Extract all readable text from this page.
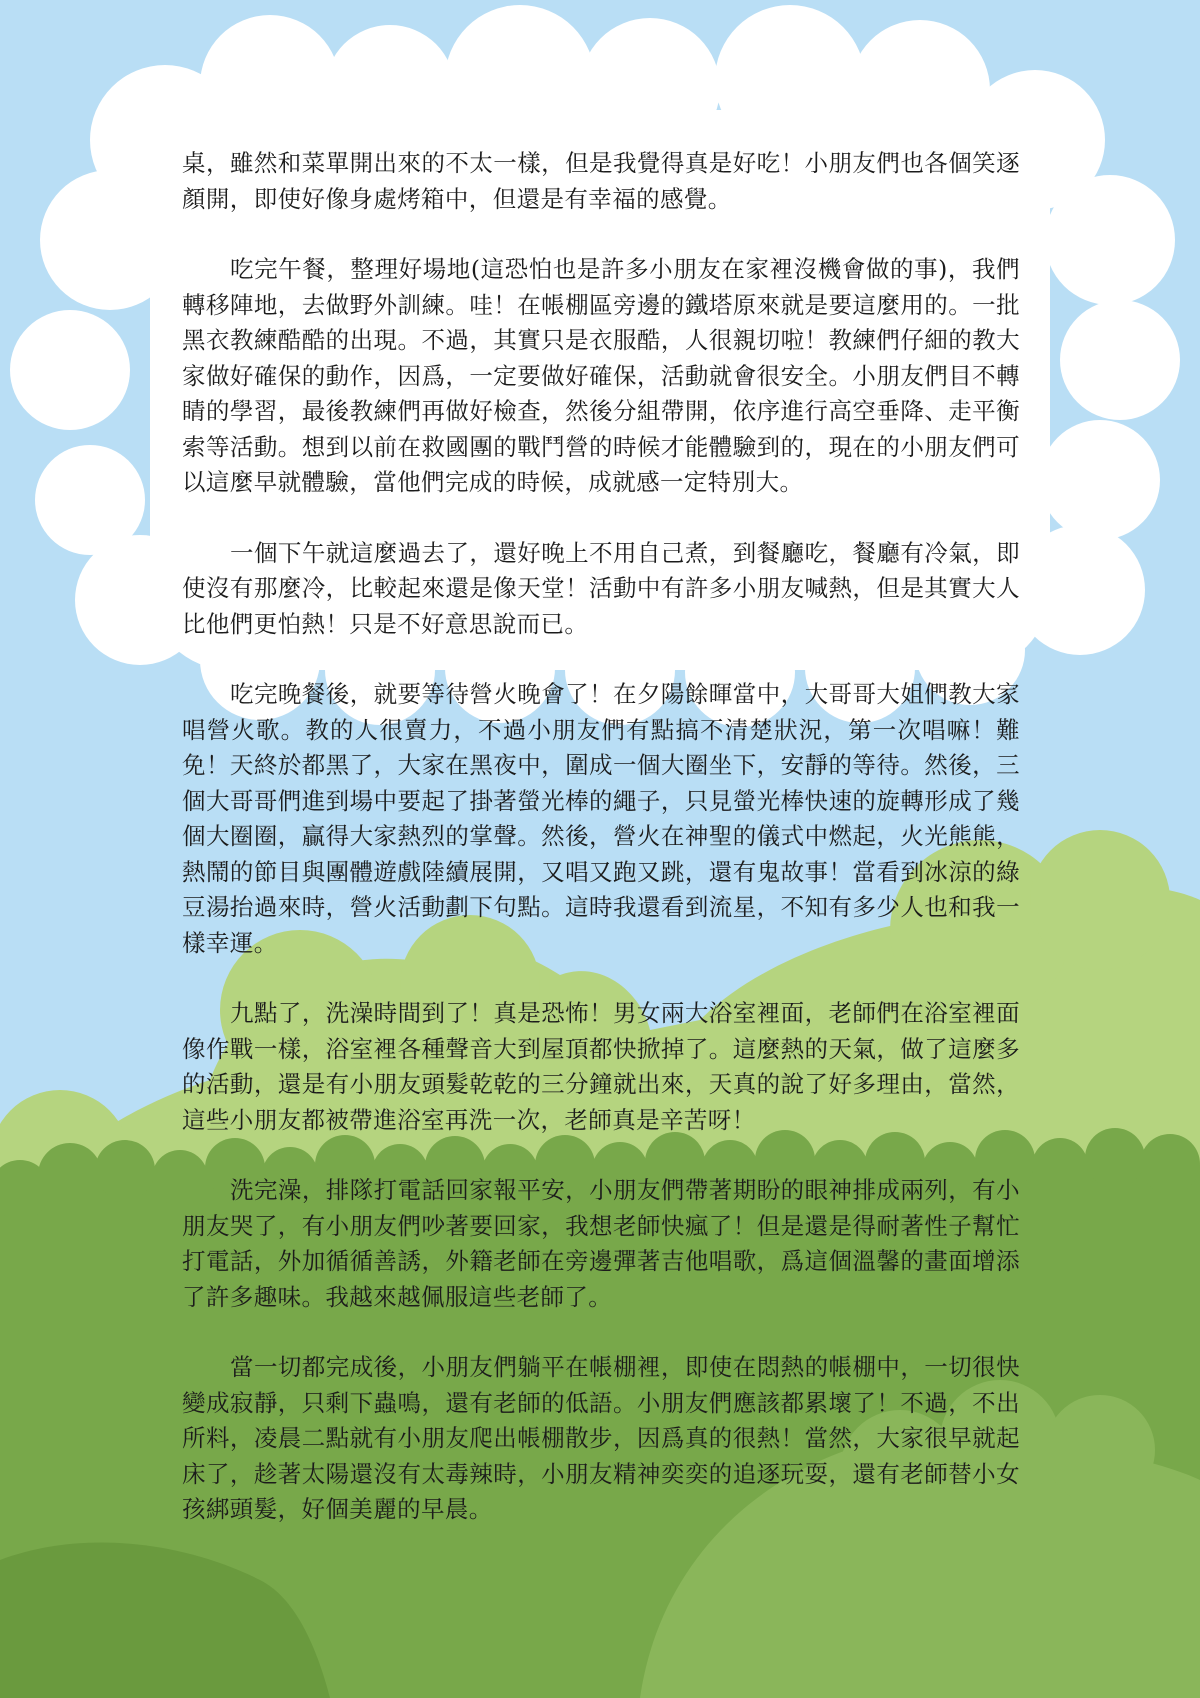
桌，雖然和菜單開出來的不太一樣，但是我覺得真是好吃！小朋友們也各個笑逐顏開，即使好像身處烤箱中，但還是有幸福的感覺。

吃完午餐，整理好場地(這恐怕也是許多小朋友在家裡沒機會做的事)，我們轉移陣地，去做野外訓練。哇！在帳棚區旁邊的鐵塔原來就是要這麼用的。一批黑衣教練酷酷的出現。不過，其實只是衣服酷，人很親切啦！教練們仔細的教大家做好確保的動作，因爲，一定要做好確保，活動就會很安全。小朋友們目不轉睛的學習，最後教練們再做好檢查，然後分組帶開，依序進行高空垂降、走平衡索等活動。想到以前在救國團的戰鬥營的時候才能體驗到的，現在的小朋友們可以這麼早就體驗，當他們完成的時候，成就感一定特別大。

一個下午就這麼過去了，還好晚上不用自己煮，到餐廳吃，餐廳有冷氣，即使沒有那麼冷，比較起來還是像天堂！活動中有許多小朋友喊熱，但是其實大人比他們更怕熱！只是不好意思說而已。

吃完晚餐後，就要等待營火晚會了！在夕陽餘暉當中，大哥哥大姐們教大家唱營火歌。教的人很賣力，不過小朋友們有點搞不清楚狀況，第一次唱嘛！難免！天終於都黑了，大家在黑夜中，圍成一個大圈坐下，安靜的等待。然後，三個大哥哥們進到場中要起了掛著螢光棒的繩子，只見螢光棒快速的旋轉形成了幾個大圈圈，贏得大家熱烈的掌聲。然後，營火在神聖的儀式中燃起，火光熊熊，熱鬧的節目與團體遊戲陸續展開，又唱又跑又跳，還有鬼故事！當看到冰涼的綠豆湯抬過來時，營火活動劃下句點。這時我還看到流星，不知有多少人也和我一樣幸運。

九點了，洗澡時間到了！真是恐怖！男女兩大浴室裡面，老師們在浴室裡面像作戰一樣，浴室裡各種聲音大到屋頂都快掀掉了。這麼熱的天氣，做了這麼多的活動，還是有小朋友頭髮乾乾的三分鐘就出來，天真的說了好多理由，當然，這些小朋友都被帶進浴室再洗一次，老師真是辛苦呀！

洗完澡，排隊打電話回家報平安，小朋友們帶著期盼的眼神排成兩列，有小朋友哭了，有小朋友們吵著要回家，我想老師快瘋了！但是還是得耐著性子幫忙打電話，外加循循善誘，外籍老師在旁邊彈著吉他唱歌，爲這個溫馨的畫面增添了許多趣味。我越來越佩服這些老師了。

當一切都完成後，小朋友們躺平在帳棚裡，即使在悶熱的帳棚中，一切很快變成寂靜，只剩下蟲鳴，還有老師的低語。小朋友們應該都累壞了！不過，不出所料，凌晨二點就有小朋友爬出帳棚散步，因爲真的很熱！當然，大家很早就起床了，趁著太陽還沒有太毒辣時，小朋友精神奕奕的追逐玩耍，還有老師替小女孩綁頭髮，好個美麗的早晨。
